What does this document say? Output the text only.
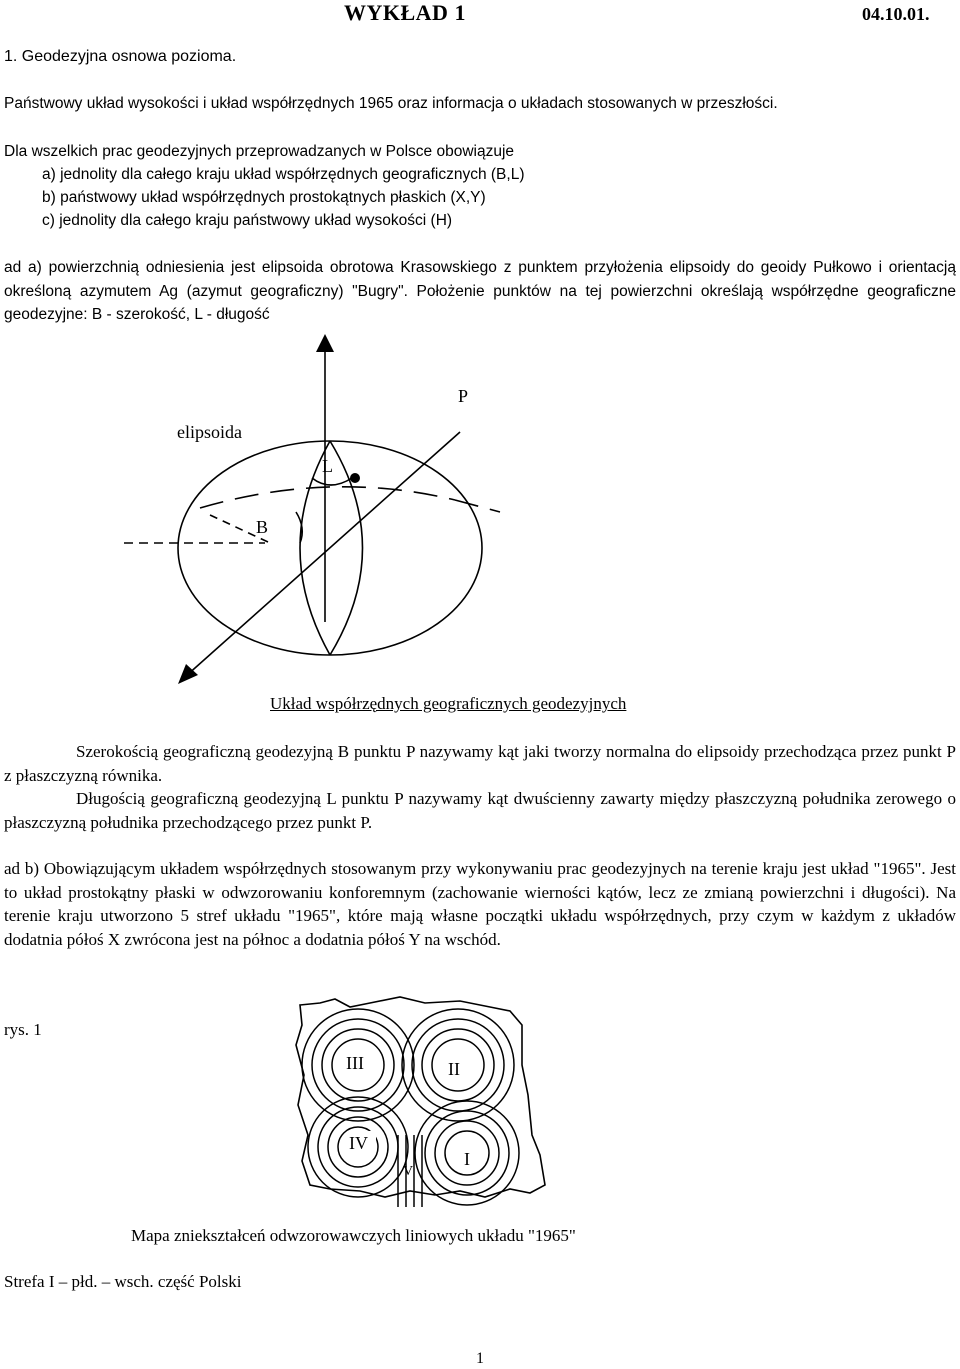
WYKŁAD 1	04.10.01.
1. Geodezyjna osnowa pozioma.
Państwowy układ wysokości i układ współrzędnych 1965 oraz informacja o układach stosowanych w przeszłości.
Dla wszelkich prac geodezyjnych przeprowadzanych w Polsce obowiązuje
a) jednolity dla całego kraju układ współrzędnych geograficznych (B,L)
b) państwowy układ współrzędnych prostokątnych płaskich (X,Y)
c) jednolity dla całego kraju państwowy układ wysokości (H)
ad a) powierzchnią odniesienia jest elipsoida obrotowa Krasowskiego z punktem przyłożenia elipsoidy do geoidy Pułkowo i orientacją określoną azymutem Ag (azymut geograficzny) "Bugry". Położenie punktów na tej powierzchni określają współrzędne geograficzne geodezyjne: B - szerokość, L - długość
elipsoida
P
L
B
Układ współrzędnych geograficznych geodezyjnych
Szerokością geograficzną geodezyjną B punktu P nazywamy kąt jaki tworzy normalna do elipsoidy przechodząca przez punkt P z płaszczyzną równika.
Długością geograficzną geodezyjną L punktu P nazywamy kąt dwuścienny zawarty między płaszczyzną południka zerowego o płaszczyzną południka przechodzącego przez punkt P.
ad b) Obowiązującym układem współrzędnych stosowanym przy wykonywaniu prac geodezyjnych na terenie kraju jest układ "1965". Jest to układ prostokątny płaski w odwzorowaniu konforemnym (zachowanie wierności kątów, lecz ze zmianą powierzchni i długości). Na terenie kraju utworzono 5 stref układu "1965", które mają własne początki układu współrzędnych, przy czym w każdym z układów dodatnia półoś X zwrócona jest na północ a dodatnia półoś Y na wschód.
rys. 1
III	II
IV
I
V
Mapa zniekształceń odwzorowawczych liniowych układu "1965"
Strefa I – płd. – wsch. część Polski
1
